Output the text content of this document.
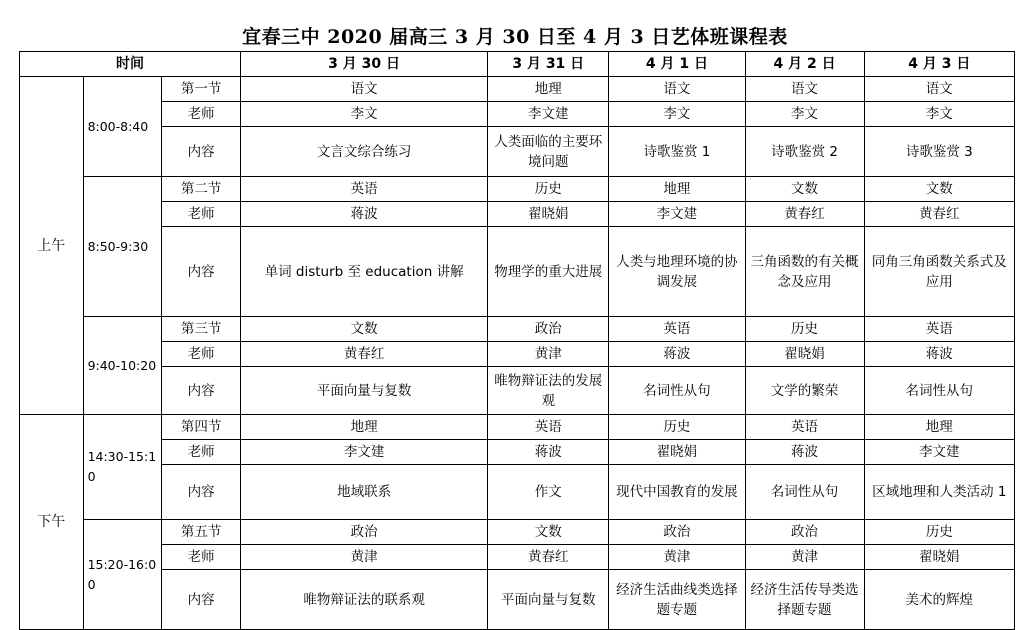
宜春三中 2020 届高三 3 月 30 日至 4 月 3 日艺体班课程表
时间			3 月 30 日	3 月 31 日	4 月 1 日	4 月 2 日	4 月 3 日
上午	8:00-8:40	第一节	语文	地理	语文	语文	语文
		老师	李文	李文建	李文	李文	李文
		内容	文言文综合练习	人类面临的主要环境问题	诗歌鉴赏 1	诗歌鉴赏 2	诗歌鉴赏 3
	8:50-9:30	第二节	英语	历史	地理	文数	文数
		老师	蒋波	翟晓娟	李文建	黄春红	黄春红
		内容	单词 disturb 至 education 讲解	物理学的重大进展	人类与地理环境的协调发展	三角函数的有关概念及应用	同角三角函数关系式及应用
	9:40-10:20	第三节	文数	政治	英语	历史	英语
		老师	黄春红	黄津	蒋波	翟晓娟	蒋波
		内容	平面向量与复数	唯物辩证法的发展观	名词性从句	文学的繁荣	名词性从句
下午	14:30-15:10	第四节	地理	英语	历史	英语	地理
		老师	李文建	蒋波	翟晓娟	蒋波	李文建
		内容	地域联系	作文	现代中国教育的发展	名词性从句	区域地理和人类活动 1
	15:20-16:00	第五节	政治	文数	政治	政治	历史
		老师	黄津	黄春红	黄津	黄津	翟晓娟
		内容	唯物辩证法的联系观	平面向量与复数	经济生活曲线类选择题专题	经济生活传导类选择题专题	美术的辉煌
